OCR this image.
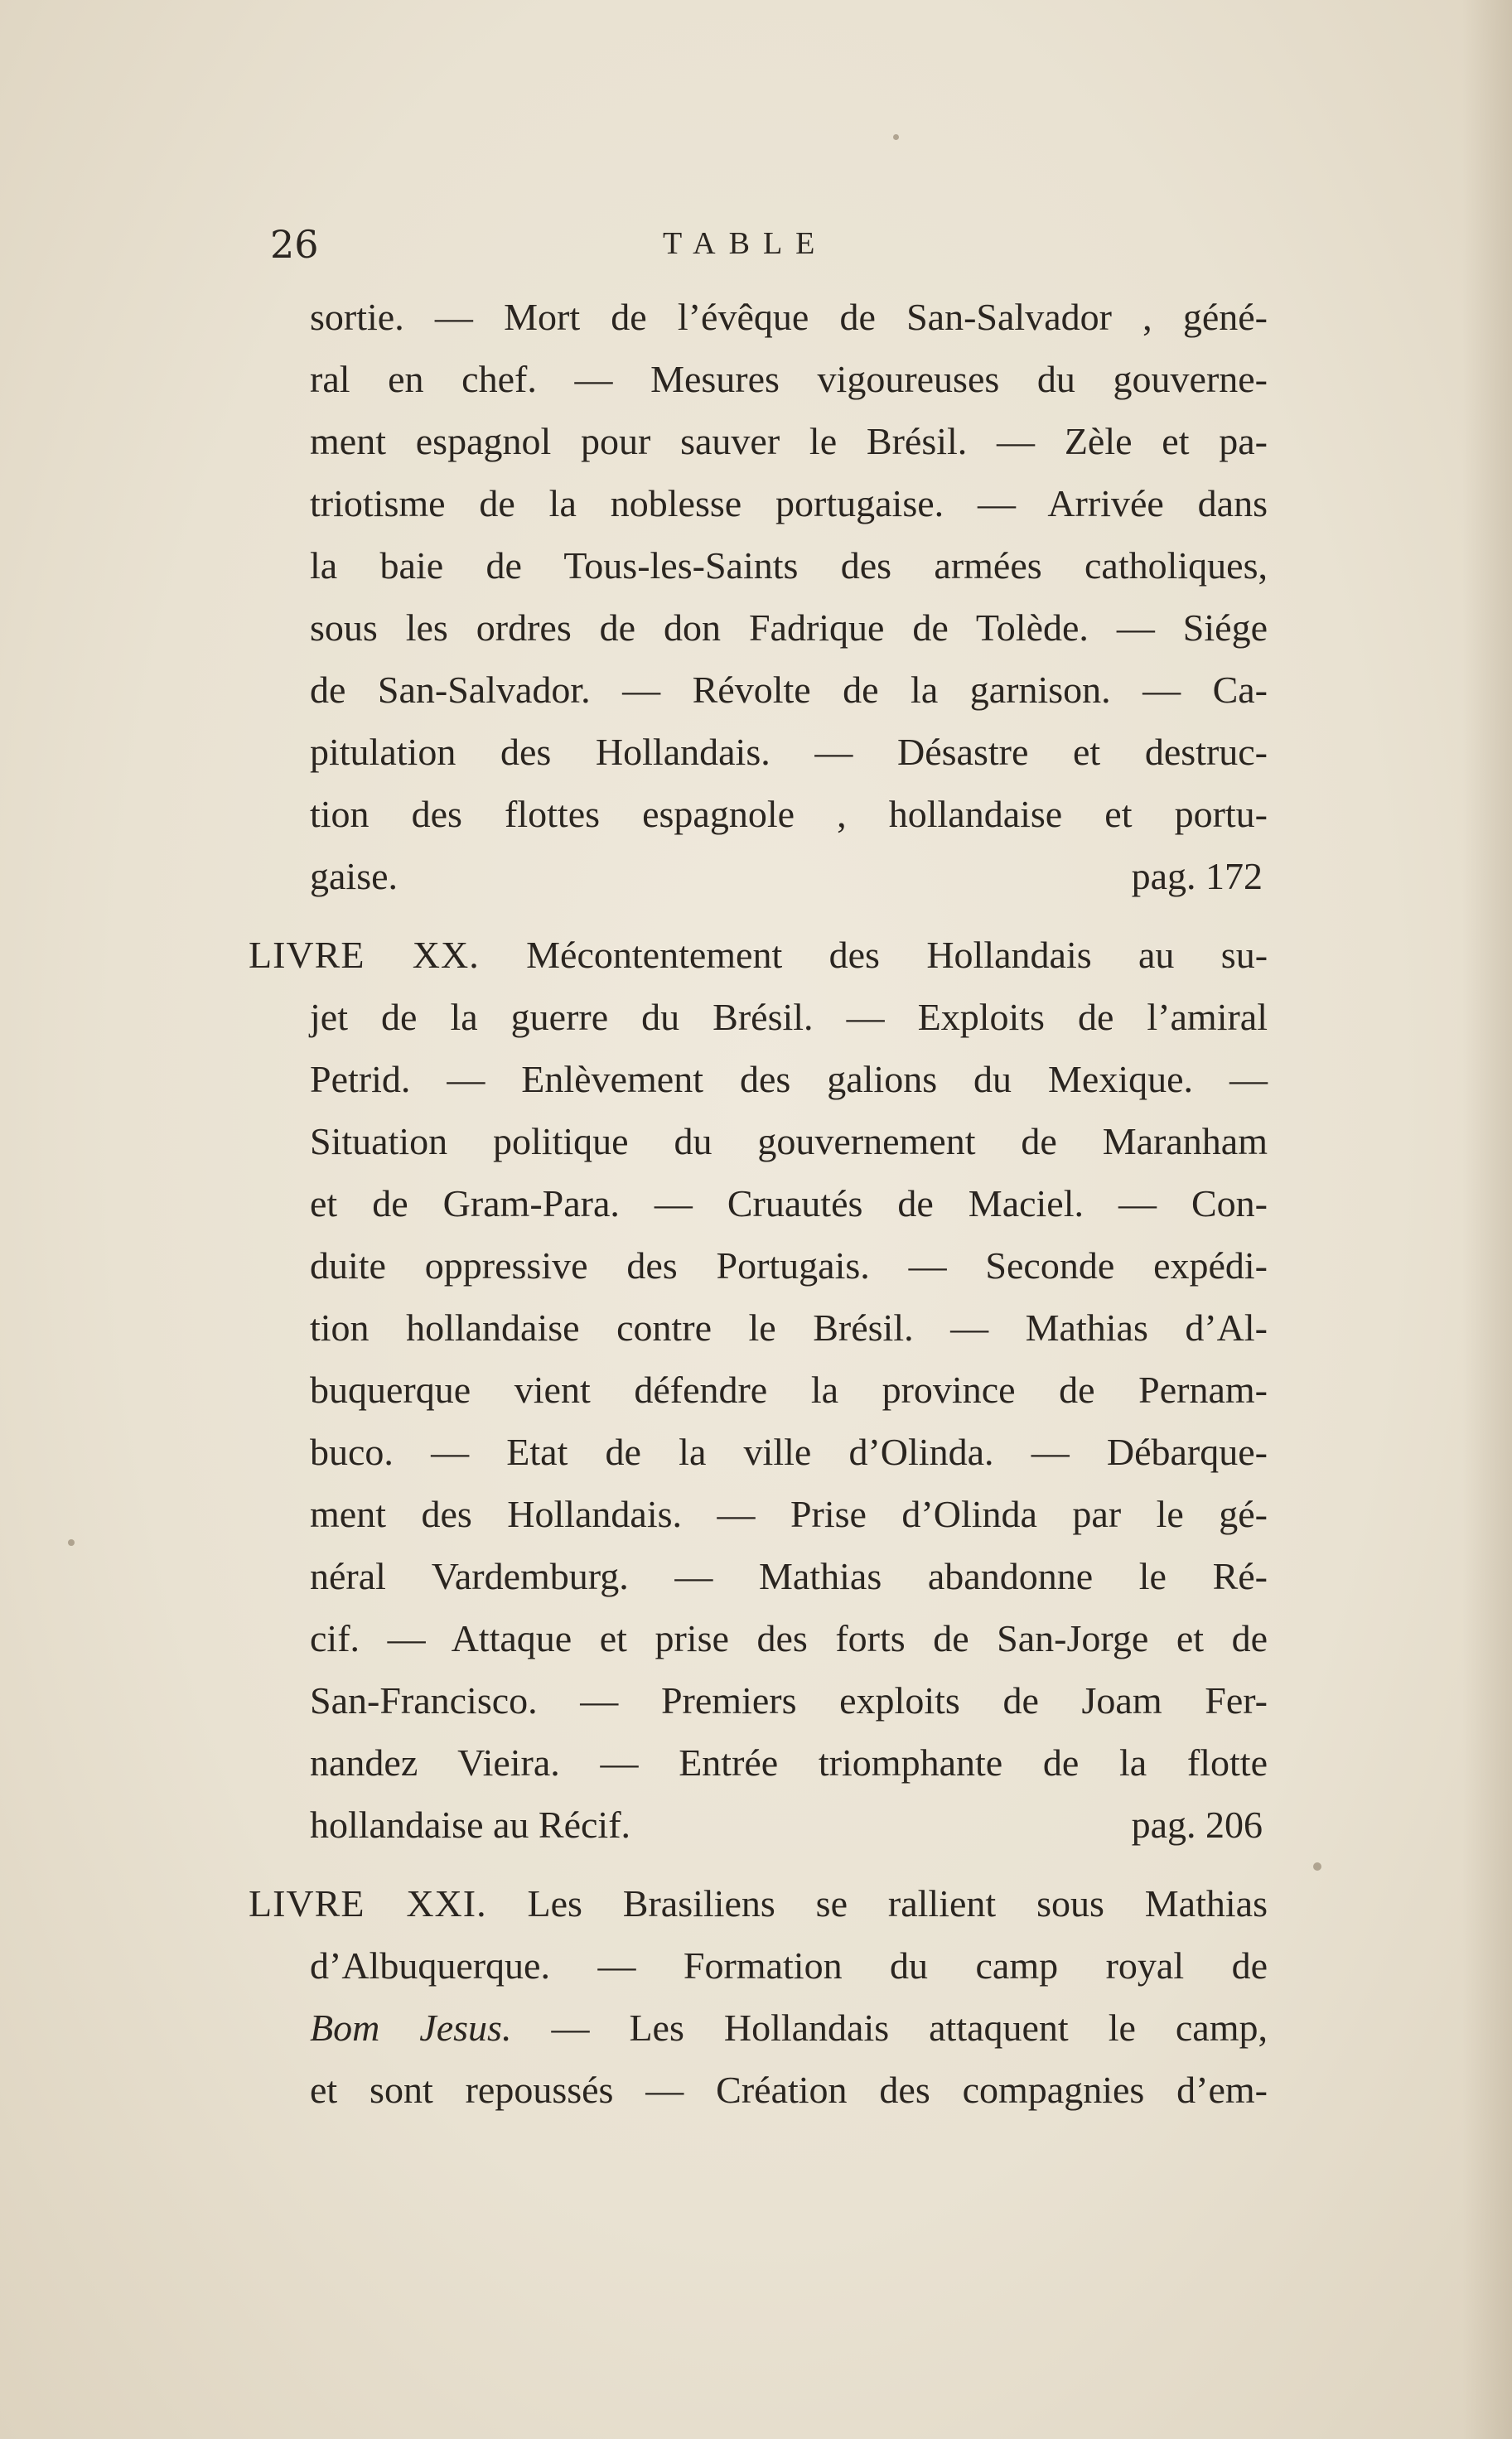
26	TABLE
sortie. — Mort de l’évêque de San-Salvador , géné-
ral en chef. — Mesures vigoureuses du gouverne-
ment espagnol pour sauver le Brésil. — Zèle et pa-
triotisme de la noblesse portugaise. — Arrivée dans
la baie de Tous-les-Saints des armées catholiques,
sous les ordres de don Fadrique de Tolède. — Siége
de San-Salvador. — Révolte de la garnison. — Ca-
pitulation des Hollandais. — Désastre et destruc-
tion des flottes espagnole , hollandaise et portu-
gaise.	pag. 172
LIVRE XX. Mécontentement des Hollandais au su-
jet de la guerre du Brésil. — Exploits de l’amiral
Petrid. — Enlèvement des galions du Mexique. —
Situation politique du gouvernement de Maranham
et de Gram-Para. — Cruautés de Maciel. — Con-
duite oppressive des Portugais. — Seconde expédi-
tion hollandaise contre le Brésil. — Mathias d’Al-
buquerque vient défendre la province de Pernam-
buco. — Etat de la ville d’Olinda. — Débarque-
ment des Hollandais. — Prise d’Olinda par le gé-
néral Vardemburg. — Mathias abandonne le Ré-
cif. — Attaque et prise des forts de San-Jorge et de
San-Francisco. — Premiers exploits de Joam Fer-
nandez Vieira. — Entrée triomphante de la flotte
hollandaise au Récif.	pag. 206
LIVRE XXI. Les Brasiliens se rallient sous Mathias
d’Albuquerque. — Formation du camp royal de
Bom Jesus. — Les Hollandais attaquent le camp,
et sont repoussés — Création des compagnies d’em-
